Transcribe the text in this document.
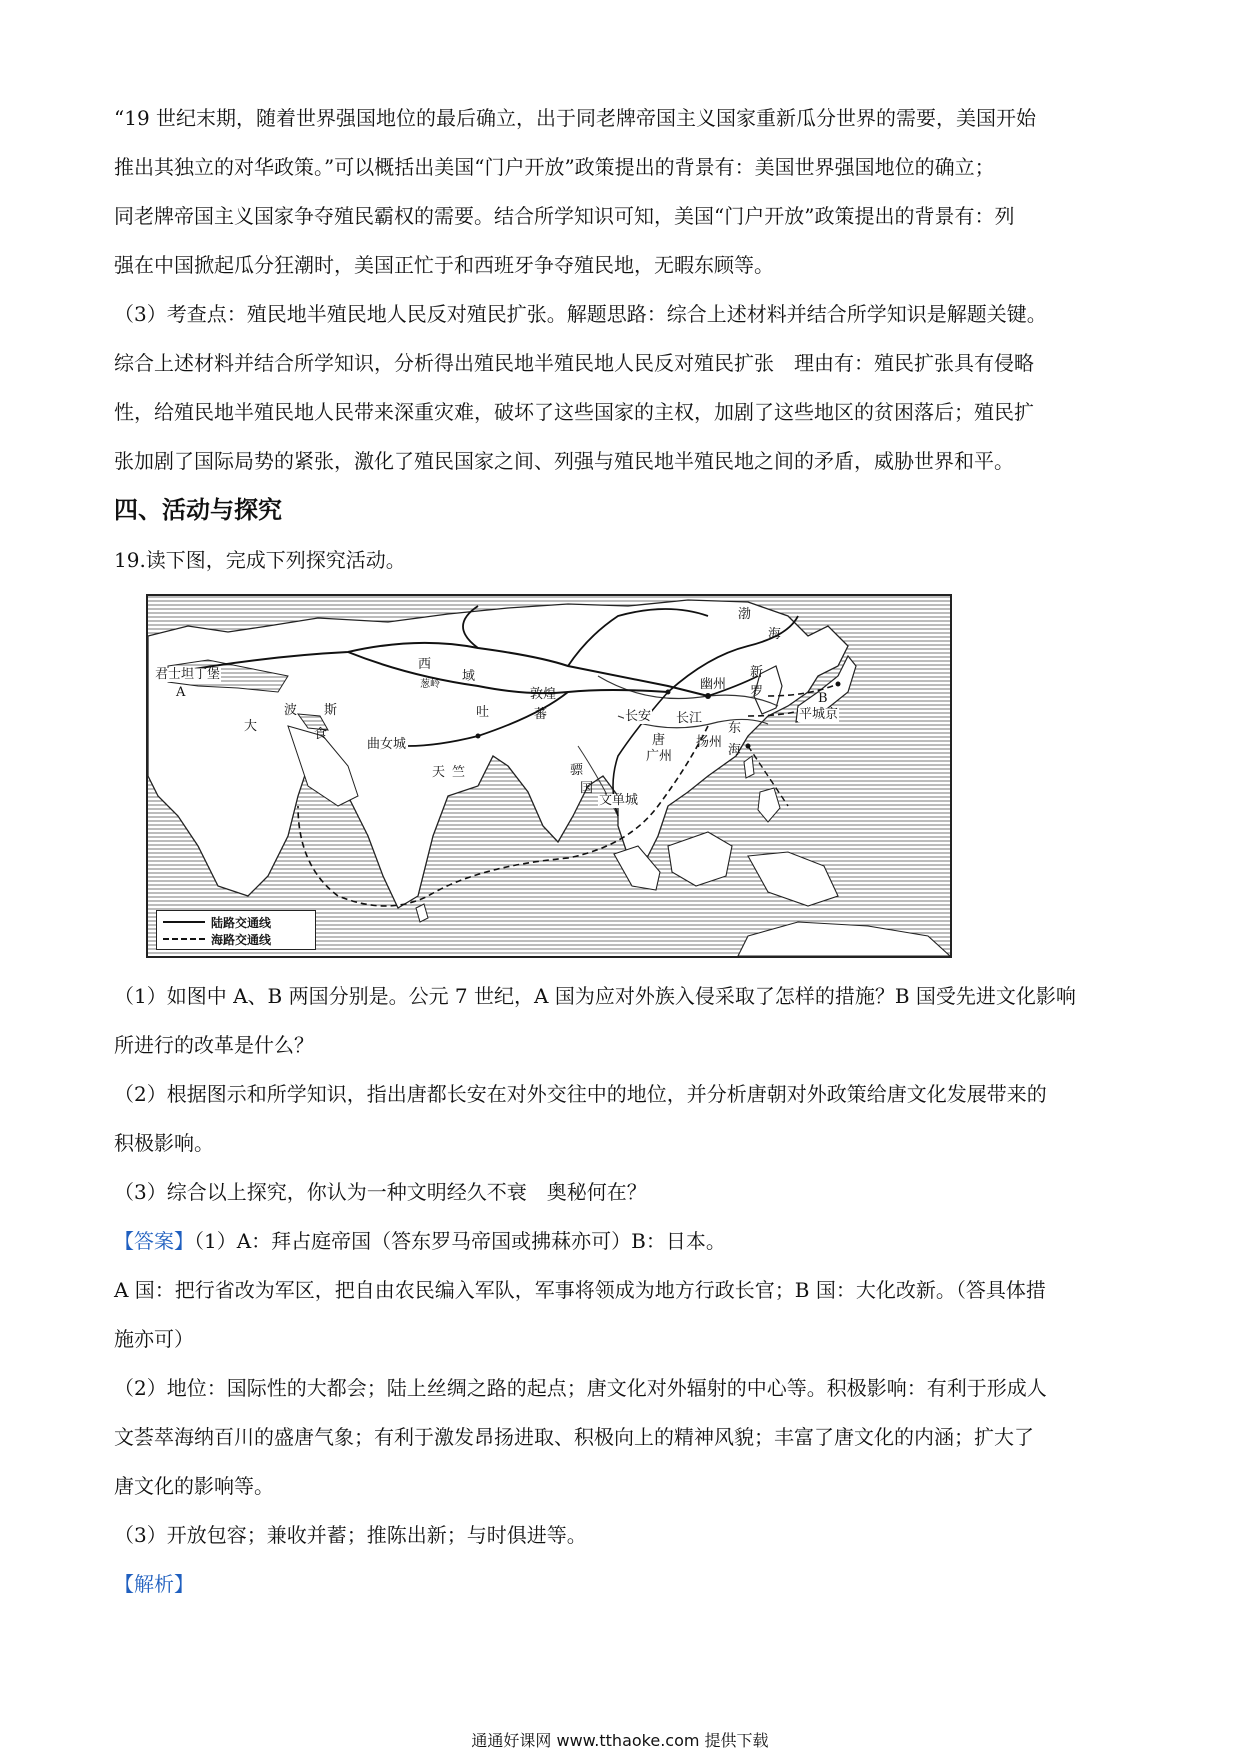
“19 世纪末期，随着世界强国地位的最后确立，出于同老牌帝国主义国家重新瓜分世界的需要，美国开始

推出其独立的对华政策。”可以概括出美国“门户开放”政策提出的背景有：美国世界强国地位的确立；

同老牌帝国主义国家争夺殖民霸权的需要。结合所学知识可知，美国“门户开放”政策提出的背景有：列

强在中国掀起瓜分狂潮时，美国正忙于和西班牙争夺殖民地，无暇东顾等。

（3）考查点：殖民地半殖民地人民反对殖民扩张。解题思路：综合上述材料并结合所学知识是解题关键。

综合上述材料并结合所学知识，分析得出殖民地半殖民地人民反对殖民扩张　理由有：殖民扩张具有侵略

性，给殖民地半殖民地人民带来深重灾难，破坏了这些国家的主权，加剧了这些地区的贫困落后；殖民扩

张加剧了国际局势的紧张，激化了殖民国家之间、列强与殖民地半殖民地之间的矛盾，威胁世界和平。

四、活动与探究

19.读下图，完成下列探究活动。

君士坦丁堡
A
大
食
波 斯
西
域
葱岭
吐	蕃
敦煌
曲女城
天 竺
渤
海
新
罗
幽州
B
平城京
长安 长江
唐
广州
扬州
东
海
骠
国
文单城
陆路交通线
海路交通线

（1）如图中 A、B 两国分别是。公元 7 世纪，A 国为应对外族入侵采取了怎样的措施？B 国受先进文化影响

所进行的改革是什么？

（2）根据图示和所学知识，指出唐都长安在对外交往中的地位，并分析唐朝对外政策给唐文化发展带来的

积极影响。

（3）综合以上探究，你认为一种文明经久不衰　奥秘何在？

【答案】（1）A：拜占庭帝国（答东罗马帝国或拂菻亦可）B：日本。

A 国：把行省改为军区，把自由农民编入军队，军事将领成为地方行政长官；B 国：大化改新。（答具体措

施亦可）

（2）地位：国际性的大都会；陆上丝绸之路的起点；唐文化对外辐射的中心等。积极影响：有利于形成人

文荟萃海纳百川的盛唐气象；有利于激发昂扬进取、积极向上的精神风貌；丰富了唐文化的内涵；扩大了

唐文化的影响等。

（3）开放包容；兼收并蓄；推陈出新；与时俱进等。

【解析】

通通好课网 www.tthaoke.com 提供下载
